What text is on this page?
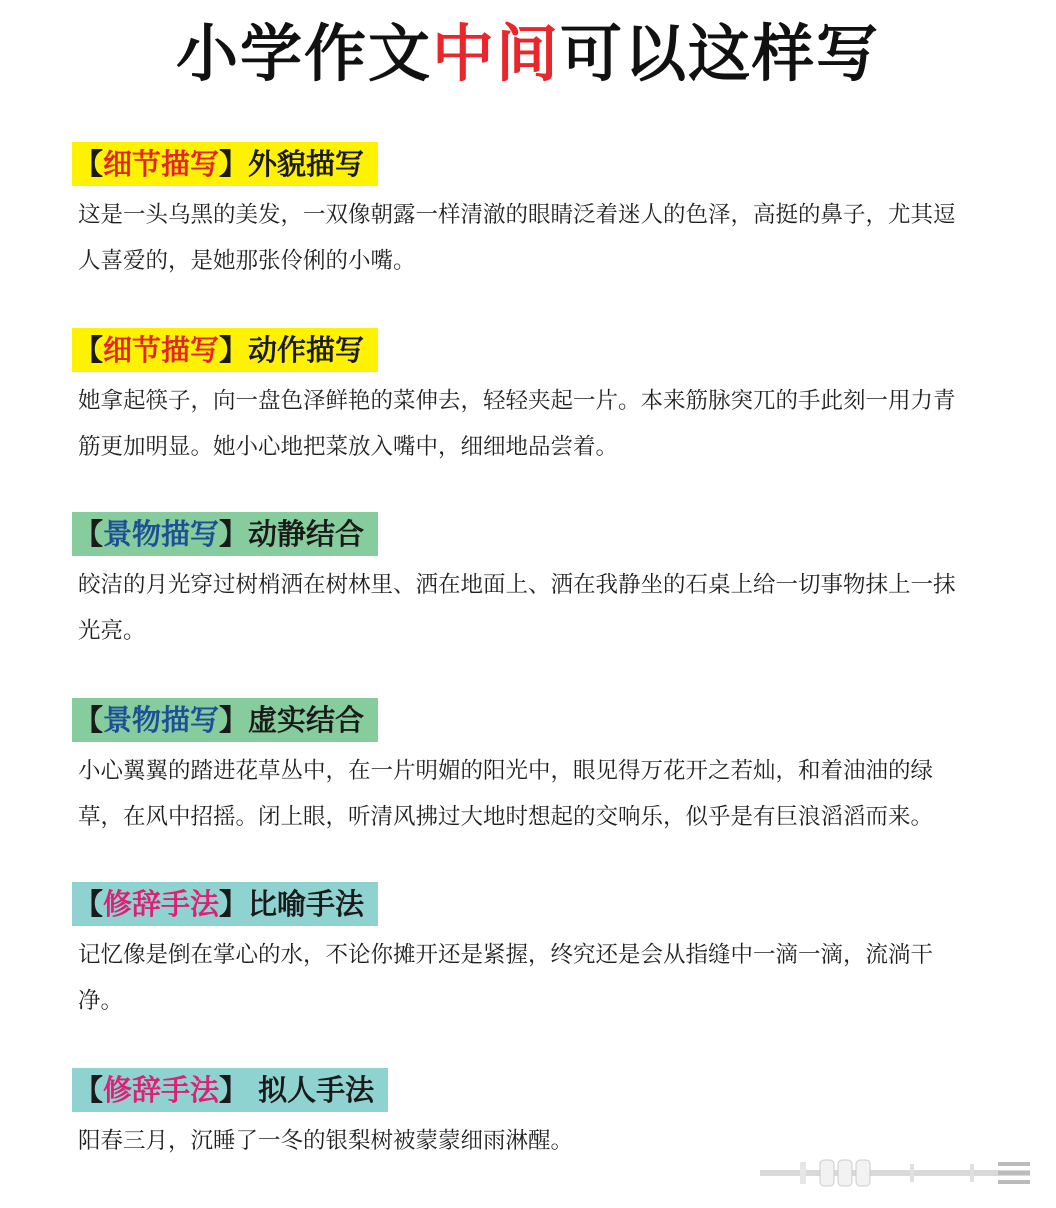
小学作文中间可以这样写
【细节描写】外貌描写
这是一头乌黑的美发，一双像朝露一样清澈的眼睛泛着迷人的色泽，高挺的鼻子，尤其逗人喜爱的，是她那张伶俐的小嘴。
【细节描写】动作描写
她拿起筷子，向一盘色泽鲜艳的菜伸去，轻轻夹起一片。本来筋脉突兀的手此刻一用力青筋更加明显。她小心地把菜放入嘴中，细细地品尝着。
【景物描写】动静结合
皎洁的月光穿过树梢洒在树林里、洒在地面上、洒在我静坐的石桌上给一切事物抹上一抹光亮。
【景物描写】虚实结合
小心翼翼的踏进花草丛中，在一片明媚的阳光中，眼见得万花开之若灿，和着油油的绿草，在风中招摇。闭上眼，听清风拂过大地时想起的交响乐，似乎是有巨浪滔滔而来。
【修辞手法】比喻手法
记忆像是倒在掌心的水，不论你摊开还是紧握，终究还是会从指缝中一滴一滴，流淌干净。
【修辞手法】 拟人手法
阳春三月，沉睡了一冬的银梨树被蒙蒙细雨淋醒。
